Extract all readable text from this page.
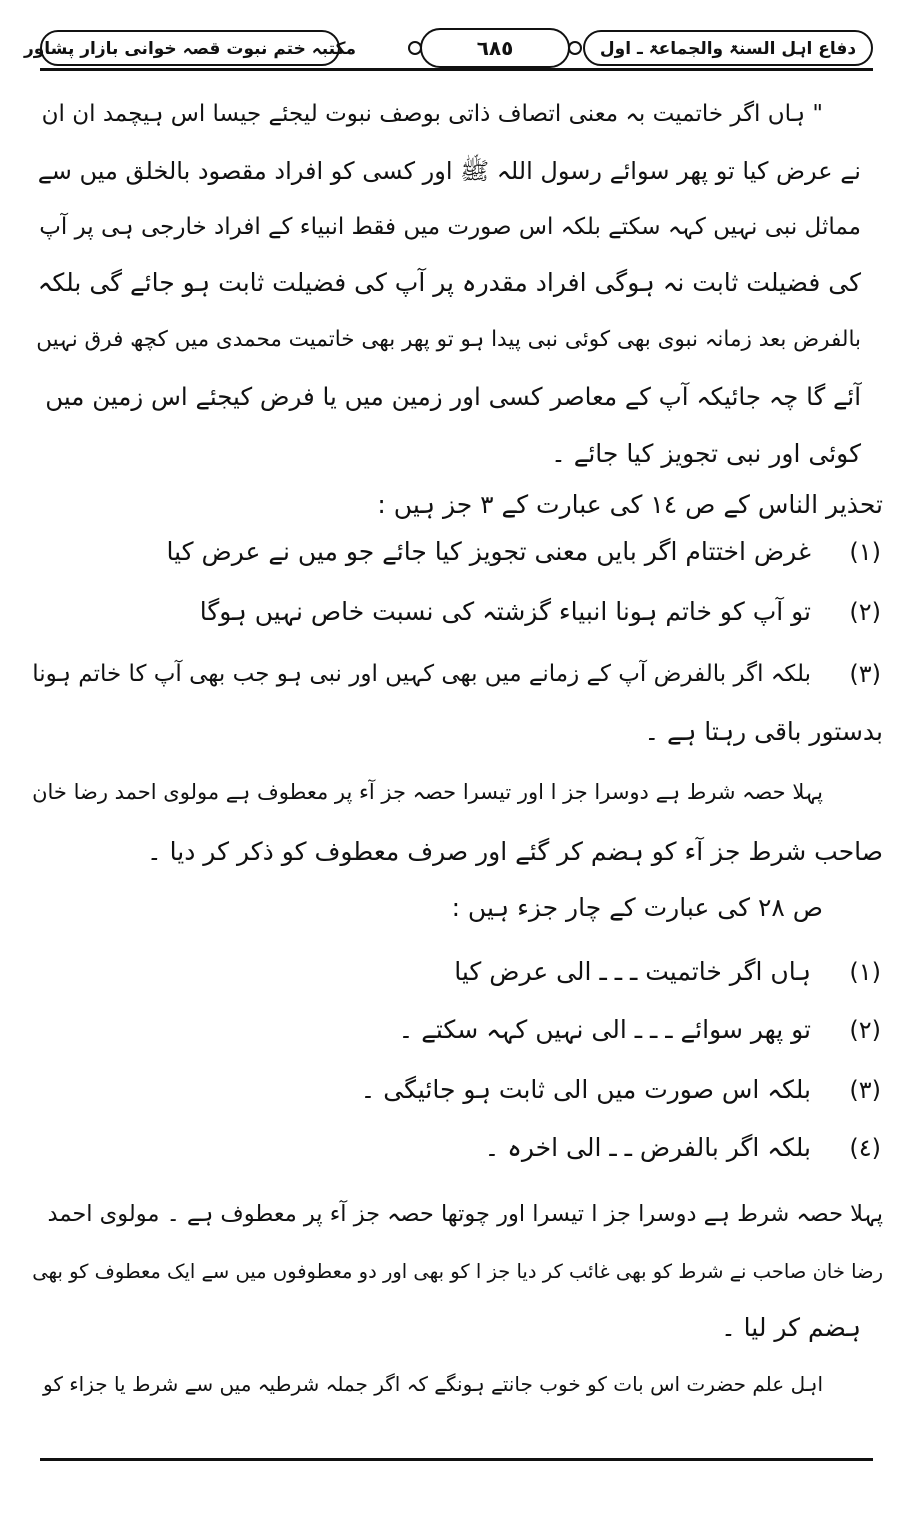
دفاع اہل السنۃ والجماعۃ ـ اول
٦٨٥
مکتبہ ختم نبوت قصہ خوانی بازار پشاور
" ہاں اگر خاتمیت بہ معنی اتصاف ذاتی بوصف نبوت لیجئے جیسا اس ہیچمد ان ان
نے عرض کیا تو پھر سوائے رسول اللہ ﷺ اور کسی کو افراد مقصود بالخلق میں سے
مماثل نبی نہیں کہہ سکتے بلکہ اس صورت میں فقط انبیاء کے افراد خارجی ہی پر آپ
کی فضیلت ثابت نہ ہوگی افراد مقدرہ پر آپ کی فضیلت ثابت ہو جائے گی بلکہ
بالفرض بعد زمانہ نبوی بھی کوئی نبی پیدا ہو تو پھر بھی خاتمیت محمدی میں کچھ فرق نہیں
آئے گا چہ جائیکہ آپ کے معاصر کسی اور زمین میں یا فرض کیجئے اس زمین میں
کوئی اور نبی تجویز کیا جائے ۔
تحذیر الناس کے ص ١٤ کی عبارت کے ٣ جز ہیں :
(١)
غرض اختتام اگر بایں معنی تجویز کیا جائے جو میں نے عرض کیا
(٢)
تو آپ کو خاتم ہونا انبیاء گزشتہ کی نسبت خاص نہیں ہوگا
(٣)
بلکہ اگر بالفرض آپ کے زمانے میں بھی کہیں اور نبی ہو جب بھی آپ کا خاتم ہونا
بدستور باقی رہتا ہے ۔
پہلا حصہ شرط ہے دوسرا جز ا اور تیسرا حصہ جز آء پر معطوف ہے مولوی احمد رضا خان
صاحب شرط جز آء کو ہضم کر گئے اور صرف معطوف کو ذکر کر دیا ۔
ص ٢٨ کی عبارت کے چار جزء ہیں :
(١)
ہاں اگر خاتمیت ـ ـ ـ الی عرض کیا
(٢)
تو پھر سوائے ـ ـ ـ الی نہیں کہہ سکتے ۔
(٣)
بلکہ اس صورت میں الی ثابت ہو جائیگی ۔
(٤)
بلکہ اگر بالفرض ـ ـ الی اخرہ ۔
پہلا حصہ شرط ہے دوسرا جز ا تیسرا اور چوتھا حصہ جز آء پر معطوف ہے ۔ مولوی احمد
رضا خان صاحب نے شرط کو بھی غائب کر دیا جز ا کو بھی اور دو معطوفوں میں سے ایک معطوف کو بھی
ہضم کر لیا ۔
اہل علم حضرت اس بات کو خوب جانتے ہونگے کہ اگر جملہ شرطیہ میں سے شرط یا جزاء کو
